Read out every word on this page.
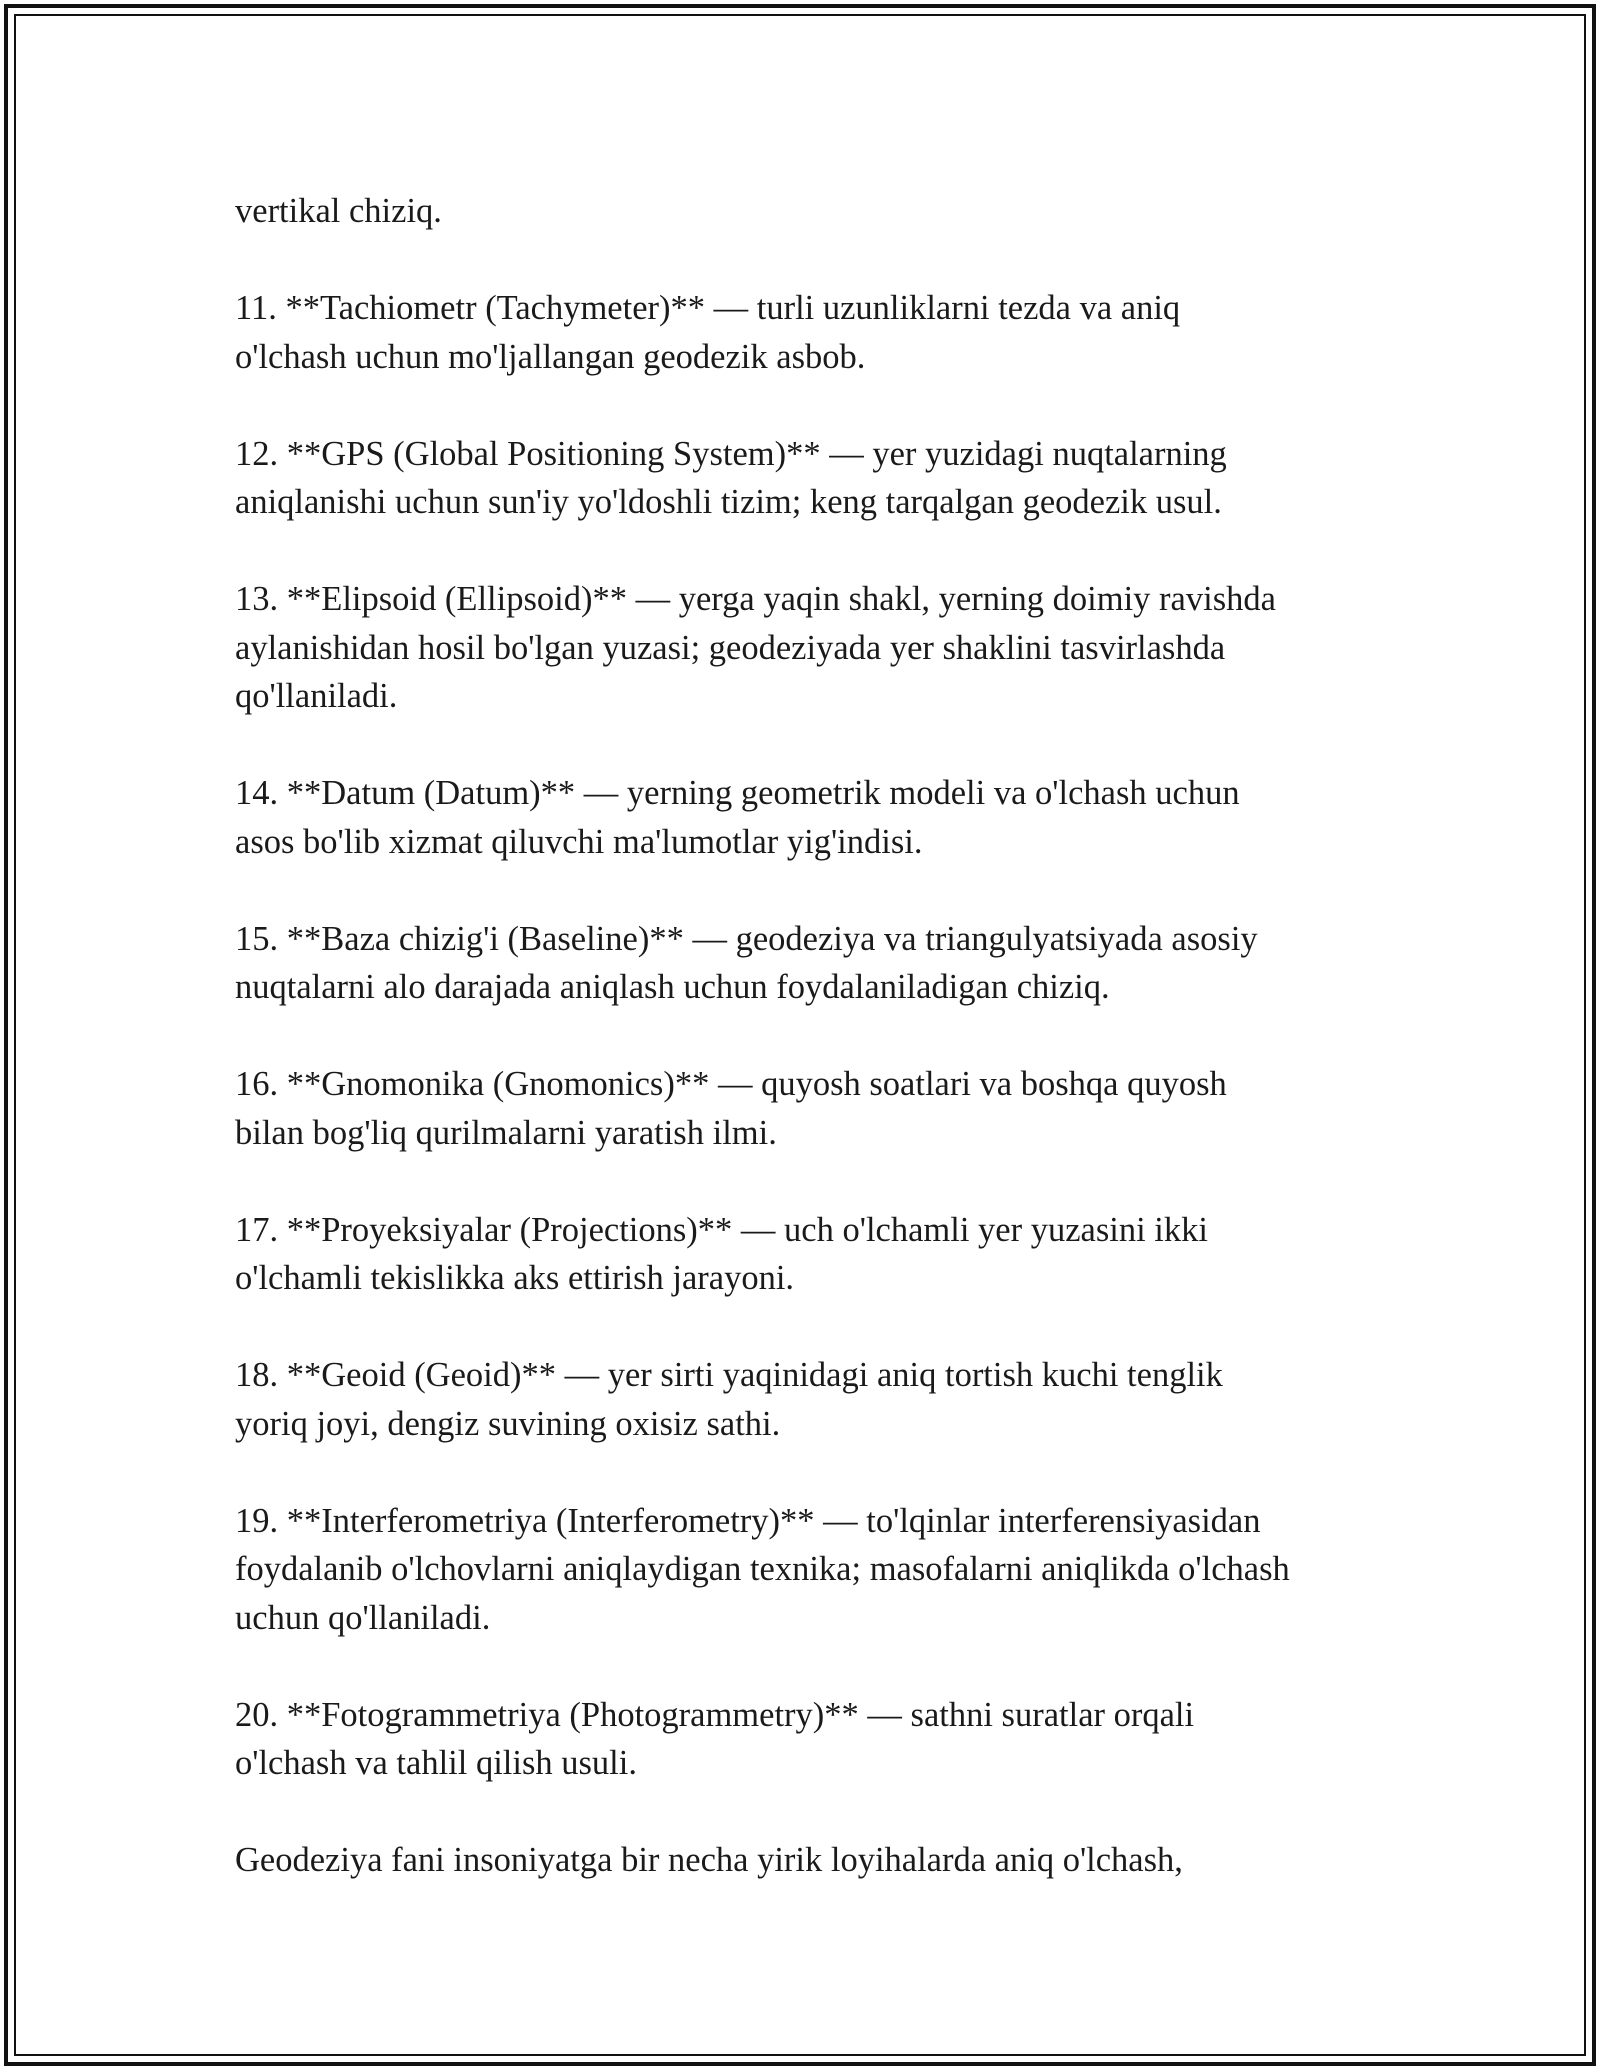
vertikal chiziq.

11. **Tachiometr (Tachymeter)** — turli uzunliklarni tezda va aniq
o'lchash uchun mo'ljallangan geodezik asbob.

12. **GPS (Global Positioning System)** — yer yuzidagi nuqtalarning
aniqlanishi uchun sun'iy yo'ldoshli tizim; keng tarqalgan geodezik usul.

13. **Elipsoid (Ellipsoid)** — yerga yaqin shakl, yerning doimiy ravishda
aylanishidan hosil bo'lgan yuzasi; geodeziyada yer shaklini tasvirlashda
qo'llaniladi.

14. **Datum (Datum)** — yerning geometrik modeli va o'lchash uchun
asos bo'lib xizmat qiluvchi ma'lumotlar yig'indisi.

15. **Baza chizig'i (Baseline)** — geodeziya va triangulyatsiyada asosiy
nuqtalarni alo darajada aniqlash uchun foydalaniladigan chiziq.

16. **Gnomonika (Gnomonics)** — quyosh soatlari va boshqa quyosh
bilan bog'liq qurilmalarni yaratish ilmi.

17. **Proyeksiyalar (Projections)** — uch o'lchamli yer yuzasini ikki
o'lchamli tekislikka aks ettirish jarayoni.

18. **Geoid (Geoid)** — yer sirti yaqinidagi aniq tortish kuchi tenglik
yoriq joyi, dengiz suvining oxisiz sathi.

19. **Interferometriya (Interferometry)** — to'lqinlar interferensiyasidan
foydalanib o'lchovlarni aniqlaydigan texnika; masofalarni aniqlikda o'lchash
uchun qo'llaniladi.

20. **Fotogrammetriya (Photogrammetry)** — sathni suratlar orqali
o'lchash va tahlil qilish usuli.

Geodeziya fani insoniyatga bir necha yirik loyihalarda aniq o'lchash,
